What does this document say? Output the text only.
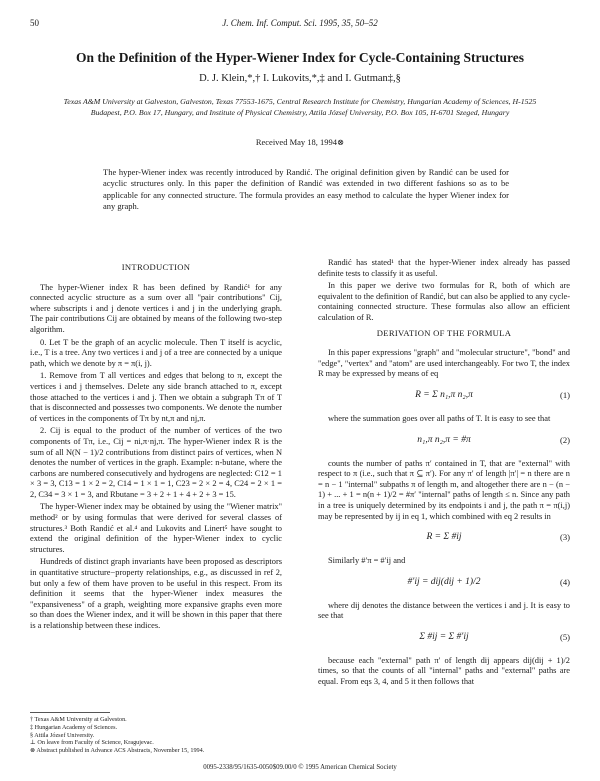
50	J. Chem. Inf. Comput. Sci. 1995, 35, 50–52
On the Definition of the Hyper-Wiener Index for Cycle-Containing Structures
D. J. Klein,*,† I. Lukovits,*,‡ and I. Gutman‡,§
Texas A&M University at Galveston, Galveston, Texas 77553-1675, Central Research Institute for Chemistry, Hungarian Academy of Sciences, H-1525 Budapest, P.O. Box 17, Hungary, and Institute of Physical Chemistry, Attila József University, P.O. Box 105, H-6701 Szeged, Hungary
Received May 18, 1994⊗
The hyper-Wiener index was recently introduced by Randić. The original definition given by Randić can be used for acyclic structures only. In this paper the definition of Randić was extended in two different fashions so as to be applicable for any connected structure. The formula provides an easy method to calculate the hyper Wiener index for any graph.
INTRODUCTION

The hyper-Wiener index R has been defined by Randić¹ for any connected acyclic structure as a sum over all "pair contributions" Cij, where subscripts i and j denote vertices i and j in the underlying graph. The pair contributions Cij are obtained by means of the following two-step algorithm.

0. Let T be the graph of an acyclic molecule. Then T itself is acyclic, i.e., T is a tree. Any two vertices i and j of a tree are connected by a unique path, which we denote by π = π(i, j).

1. Remove from T all vertices and edges that belong to π, except the vertices i and j themselves. Delete any side branch attached to π, except those attached to the vertices i and j. Then we obtain a subgraph Tπ of T that is disconnected and possesses two components. We denote the number of vertices in the components of Tπ by nt,π and nj,π.

2. Cij is equal to the product of the number of vertices of the two components of Tπ, i.e., Cij = ni,π·nj,π. The hyper-Wiener index R is the sum of all N(N − 1)/2 contributions from distinct pairs of vertices, when N denotes the number of vertices in the graph. Example: n-butane, where the carbons are numbered consecutively and hydrogens are neglected: C12 = 1 × 3 = 3, C13 = 1 × 2 = 2, C14 = 1 × 1 = 1, C23 = 2 × 2 = 4, C24 = 2 × 1 = 2, C34 = 3 × 1 = 3, and Rbutane = 3 + 2 + 1 + 4 + 2 + 3 = 15.

The hyper-Wiener index may be obtained by using the "Wiener matrix" method² or by using formulas that were derived for several classes of structures.³ Both Randić et al.⁴ and Lukovits and Linert⁵ have sought to extend the original definition of the hyper-Wiener index to cyclic structures.

Hundreds of distinct graph invariants have been proposed as descriptors in quantitative structure−property relationships, e.g., as discussed in ref 2, but only a few of them have proven to be useful in this respect. From its definition it seems that the hyper-Wiener index measures the "expansiveness" of a graph, weighting more expansive graphs even more so than does the Wiener index, and it will be shown in this paper that there is a relationship between these indices.

Randić has stated¹ that the hyper-Wiener index already has passed definite tests to classify it as useful.

In this paper we derive two formulas for R, both of which are equivalent to the definition of Randić, but can also be applied to any cycle-containing connected structure. These formulas also allow an efficient calculation of R.

DERIVATION OF THE FORMULA

In this paper expressions "graph" and "molecular structure", "bond" and "edge", "vertex" and "atom" are used interchangeably. For two T, the index R may be expressed by means of eq

R = Σ n₁,π n₂,π	(1)

where the summation goes over all paths of T. It is easy to see that

n₁,π n₂,π = #π	(2)

counts the number of paths π′ contained in T, that are "external" with respect to π (i.e., such that π ⊆ π′). For any π′ of length |π′| = n there are n = n − 1 "internal" subpaths π of length m, and altogether there are n − (n − 1) + ... + 1 = n(n + 1)/2 = #π′ "internal" paths of length ≤ n. Since any path in a tree is uniquely determined by its endpoints i and j, the path π = π(i,j) may be represented by ij in eq 1, which combined with eq 2 results in

R = Σ #ij	(3)

Similarly #′π = #′ij and

#′ij = dij(dij + 1)/2	(4)

where dij denotes the distance between the vertices i and j. It is easy to see that

Σ #ij = Σ #′ij	(5)

because each "external" path π′ of length dij appears dij(dij + 1)/2 times, so that the counts of all "internal" paths and "external" paths are equal. From eqs 3, 4, and 5 it then follows that

† Texas A&M University at Galveston.
‡ Hungarian Academy of Sciences.
§ Attila József University.
⊥ On leave from Faculty of Science, Kragujevac.
⊗ Abstract published in Advance ACS Abstracts, November 15, 1994.
0095-2338/95/1635-0050$09.00/0 © 1995 American Chemical Society
